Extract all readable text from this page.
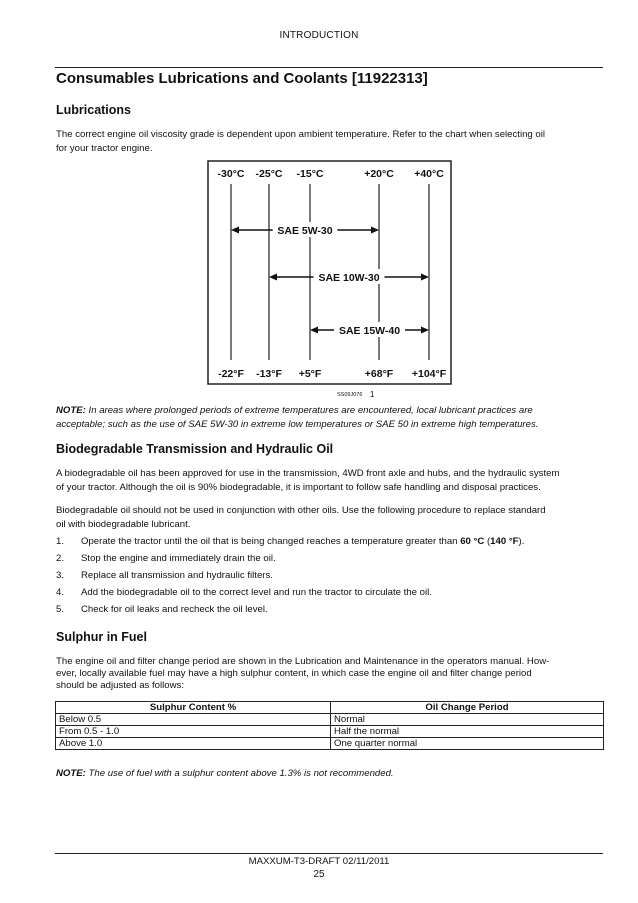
INTRODUCTION
Consumables Lubrications and Coolants [11922313]
Lubrications
The correct engine oil viscosity grade is dependent upon ambient temperature. Refer to the chart when selecting oil
for your tractor engine.
SAE 5W-30
SAE 10W-30
SAE 15W-40
-30°C -25°C -15°C	+20°C +40°C
-22°F -13°F +5°F	+68°F +104°F
SS09J076 1
NOTE: In areas where prolonged periods of extreme temperatures are encountered, local lubricant practices are
acceptable; such as the use of SAE 5W-30 in extreme low temperatures or SAE 50 in extreme high temperatures.
Biodegradable Transmission and Hydraulic Oil
A biodegradable oil has been approved for use in the transmission, 4WD front axle and hubs, and the hydraulic system
of your tractor. Although the oil is 90% biodegradable, it is important to follow safe handling and disposal practices.
Biodegradable oil should not be used in conjunction with other oils. Use the following procedure to replace standard
oil with biodegradable lubricant.
1. Operate the tractor until the oil that is being changed reaches a temperature greater than 60 °C (140 °F).
2. Stop the engine and immediately drain the oil.
3. Replace all transmission and hydraulic filters.
4. Add the biodegradable oil to the correct level and run the tractor to circulate the oil.
5. Check for oil leaks and recheck the oil level.
Sulphur in Fuel
The engine oil and filter change period are shown in the Lubrication and Maintenance in the operators manual. How-
ever, locally available fuel may have a high sulphur content, in which case the engine oil and filter change period
should be adjusted as follows:
Sulphur Content %	Oil Change Period
Below 0.5	Normal
From 0.5 - 1.0	Half the normal
Above 1.0	One quarter normal
NOTE: The use of fuel with a sulphur content above 1.3% is not recommended.
MAXXUM-T3-DRAFT 02/11/2011
25
